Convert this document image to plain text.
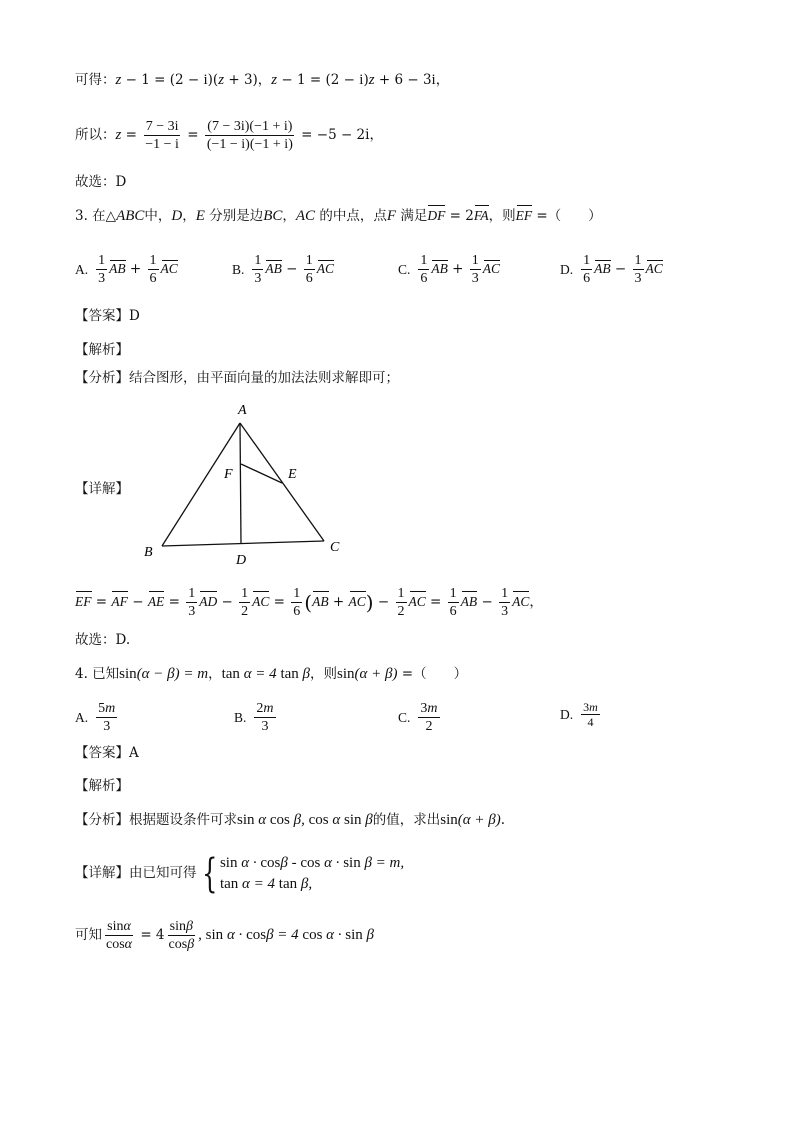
可得：z − 1 = (2 − i)(z + 3)，z − 1 = (2 − i)z + 6 − 3i，
所以：$z = \frac{7 - 3i}{-1 - i} = \frac{(7 - 3i)(-1 + i)}{(-1 - i)(-1 + i)} = -5 - 2i$，
故选：D
3. 在△ABC中，D，E 分别是边BC，AC 的中点，点F 满足DF = 2FA，则EF =（　　）
A. $\frac{1}{3}$ AB + $\frac{1}{6}$ AC	B. $\frac{1}{3}$ AB − $\frac{1}{6}$ AC	C. $\frac{1}{6}$ AB + $\frac{1}{3}$ AC	D. $\frac{1}{6}$ AB − $\frac{1}{3}$ AC
【答案】D
【解析】
【分析】结合图形，由平面向量的加法法则求解即可；
【详解】
A
B	C
D
E
F
EF = AF − AE = $\frac{1}{3}$ AD − $\frac{1}{2}$ AC = $\frac{1}{6} (AB + AC) - \frac{1}{2}$ AC = $\frac{1}{6}$ AB − $\frac{1}{3}$ AC，
故选：D.
4. 已知sin(α − β) = m，tan α = 4 tan β，则sin(α + β) =（　　）
A. $\frac{5m}{3}$	B. $\frac{2m}{3}$	C. $\frac{3m}{2}$	D. $\frac{3m}{4}$
【答案】A
【解析】
【分析】根据题设条件可求sin α cos β, cos α sin β的值，求出sin(α + β).
【详解】由已知可得 { sin α · cosβ - cos α · sin β = m,
tan α = 4 tan β,
可知 $\frac{\sin\alpha}{\cos\alpha} = 4 \frac{\sin\beta}{\cos\beta}$ , sin α · cosβ = 4 cos α · sin β
